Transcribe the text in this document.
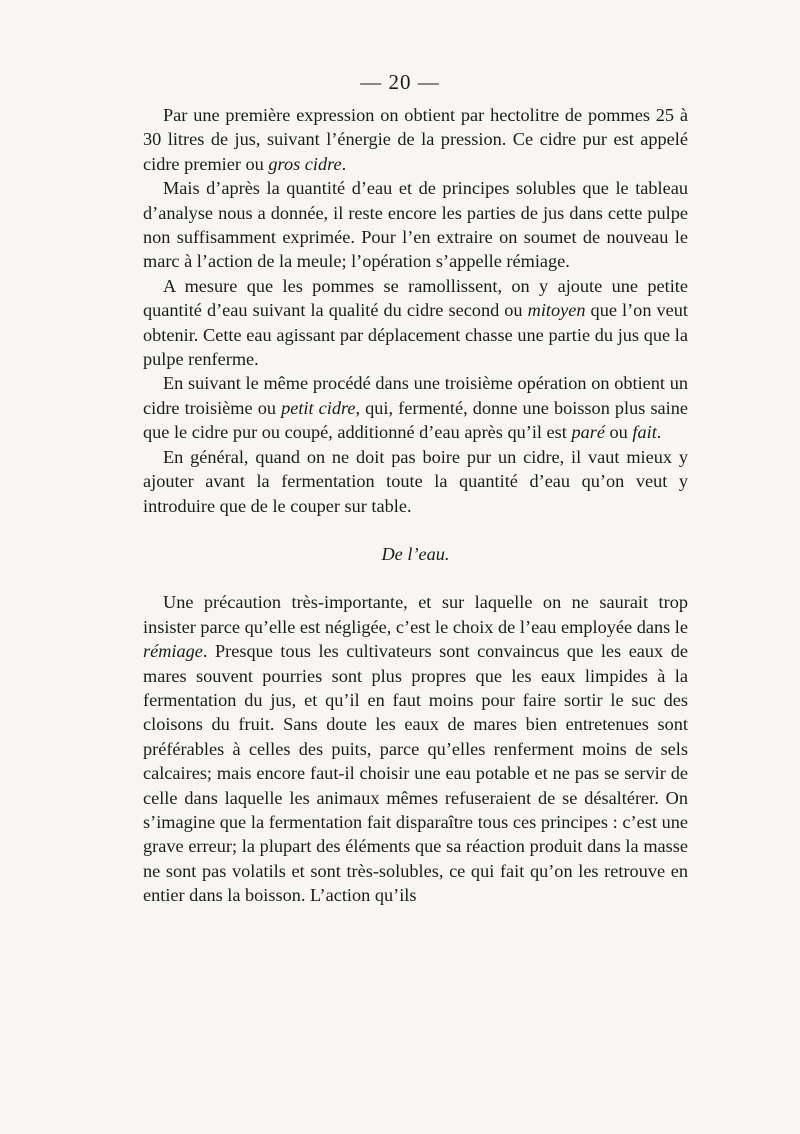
— 20 —

Par une première expression on obtient par hectolitre de pommes 25 à 30 litres de jus, suivant l’énergie de la pression. Ce cidre pur est appelé cidre premier ou gros cidre.

Mais d’après la quantité d’eau et de principes solubles que le tableau d’analyse nous a donnée, il reste encore les parties de jus dans cette pulpe non suffisamment exprimée. Pour l’en extraire on soumet de nouveau le marc à l’action de la meule; l’opération s’appelle rémiage.

A mesure que les pommes se ramollissent, on y ajoute une petite quantité d’eau suivant la qualité du cidre second ou mitoyen que l’on veut obtenir. Cette eau agissant par déplacement chasse une partie du jus que la pulpe renferme.

En suivant le même procédé dans une troisième opération on obtient un cidre troisième ou petit cidre, qui, fermenté, donne une boisson plus saine que le cidre pur ou coupé, additionné d’eau après qu’il est paré ou fait.

En général, quand on ne doit pas boire pur un cidre, il vaut mieux y ajouter avant la fermentation toute la quantité d’eau qu’on veut y introduire que de le couper sur table.

De l’eau.

Une précaution très-importante, et sur laquelle on ne saurait trop insister parce qu’elle est négligée, c’est le choix de l’eau employée dans le rémiage. Presque tous les cultivateurs sont convaincus que les eaux de mares souvent pourries sont plus propres que les eaux limpides à la fermentation du jus, et qu’il en faut moins pour faire sortir le suc des cloisons du fruit. Sans doute les eaux de mares bien entretenues sont préférables à celles des puits, parce qu’elles renferment moins de sels calcaires; mais encore faut-il choisir une eau potable et ne pas se servir de celle dans laquelle les animaux mêmes refuseraient de se désaltérer. On s’imagine que la fermentation fait disparaître tous ces principes : c’est une grave erreur; la plupart des éléments que sa réaction produit dans la masse ne sont pas volatils et sont très-solubles, ce qui fait qu’on les retrouve en entier dans la boisson. L’action qu’ils
